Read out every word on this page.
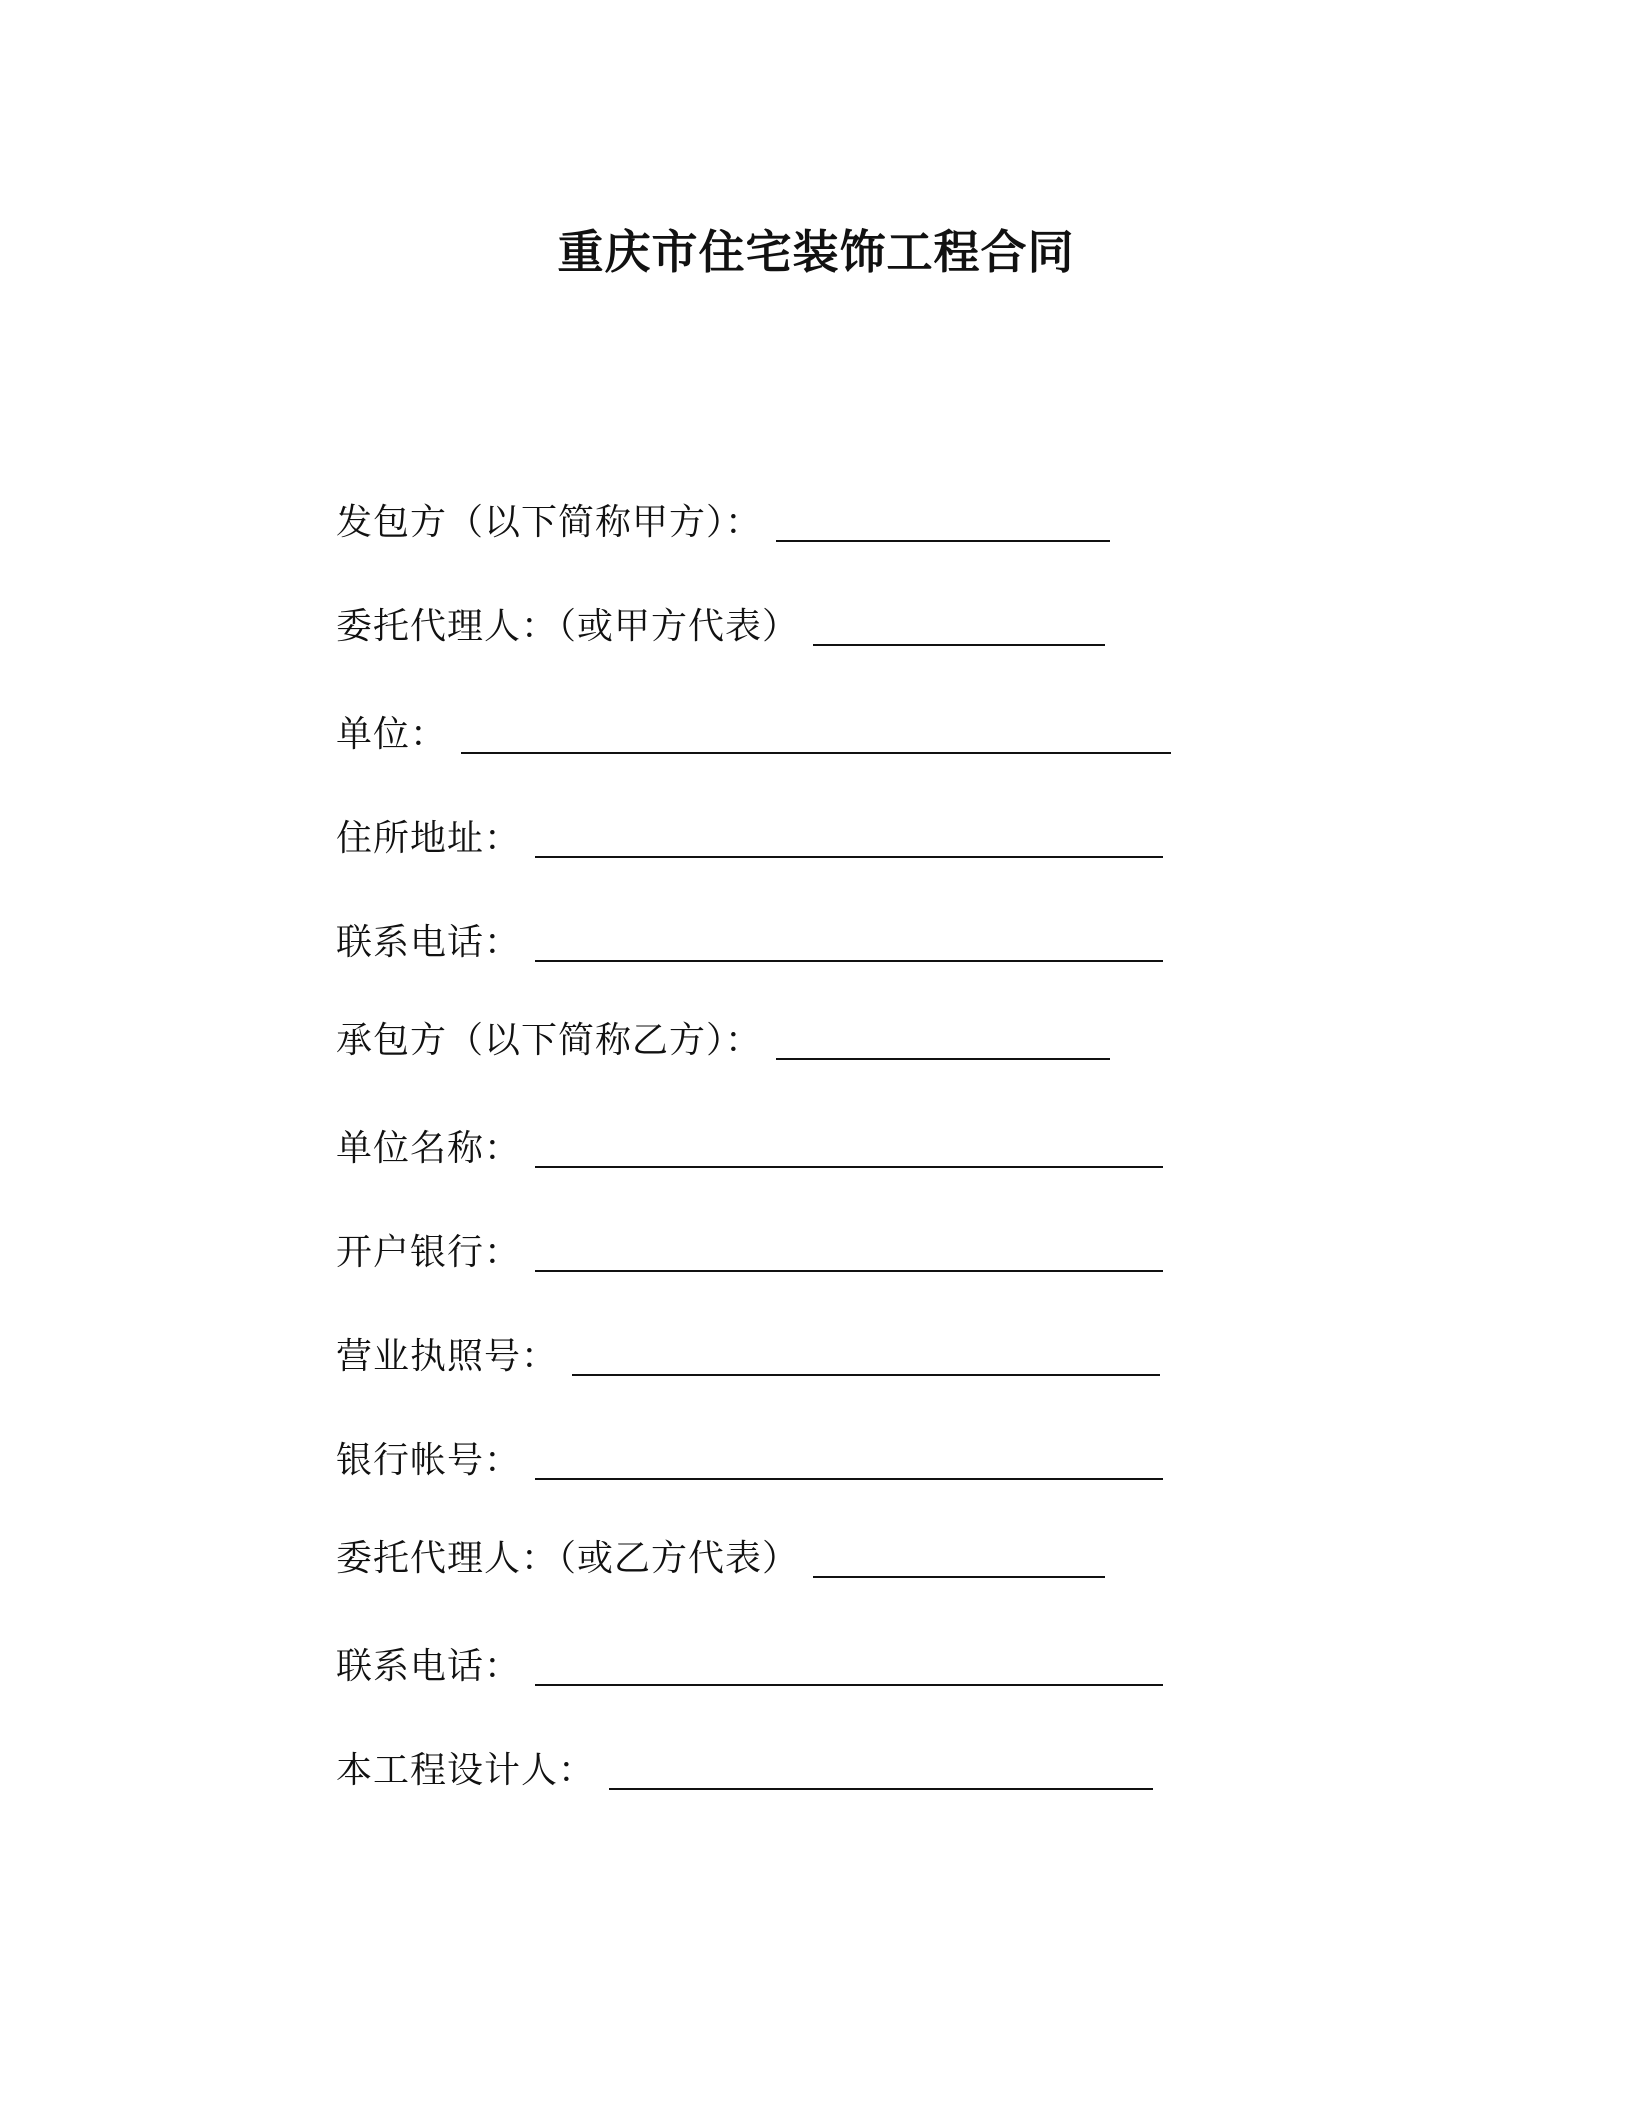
重庆市住宅装饰工程合同
发包方（以下简称甲方）：
委托代理人：（或甲方代表）
单位：
住所地址：
联系电话：
承包方（以下简称乙方）：
单位名称：
开户银行：
营业执照号：
银行帐号：
委托代理人：（或乙方代表）
联系电话：
本工程设计人：
